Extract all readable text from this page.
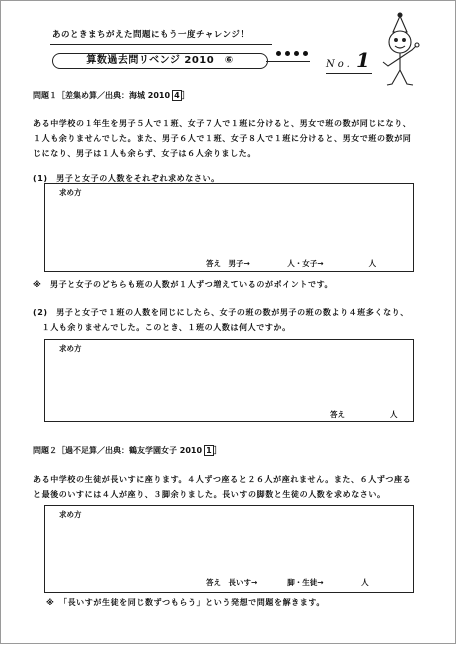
あのときまちがえた問題にもう一度チャレンジ！
算数過去問リベンジ 2010　⑥	No. 1
問題１［差集め算／出典：海城 2010 4 ］
ある中学校の１年生を男子５人で１班、女子７人で１班に分けると、男女で班の数が同じになり、
１人も余りませんでした。また、男子６人で１班、女子８人で１班に分けると、男女で班の数が同
じになり、男子は１人も余らず、女子は６人余りました。
(1)　男子と女子の人数をそれぞれ求めなさい。
求め方
答え　男子→　　　　　人・女子→　　　　　　人
※　男子と女子のどちらも班の人数が１人ずつ増えているのがポイントです。
(2)　男子と女子で１班の人数を同じにしたら、女子の班の数が男子の班の数より４班多くなり、
　１人も余りませんでした。このとき、１班の人数は何人ですか。
求め方
答え　　　　　　人
問題２［過不足算／出典：鶴友学園女子 2010 1 ］
ある中学校の生徒が長いすに座ります。４人ずつ座ると２６人が座れません。また、６人ずつ座る
と最後のいすには４人が座り、３脚余りました。長いすの脚数と生徒の人数を求めなさい。
求め方
答え　長いす→　　　　脚・生徒→　　　　　人
※　「長いすが生徒を同じ数ずつもらう」という発想で問題を解きます。
